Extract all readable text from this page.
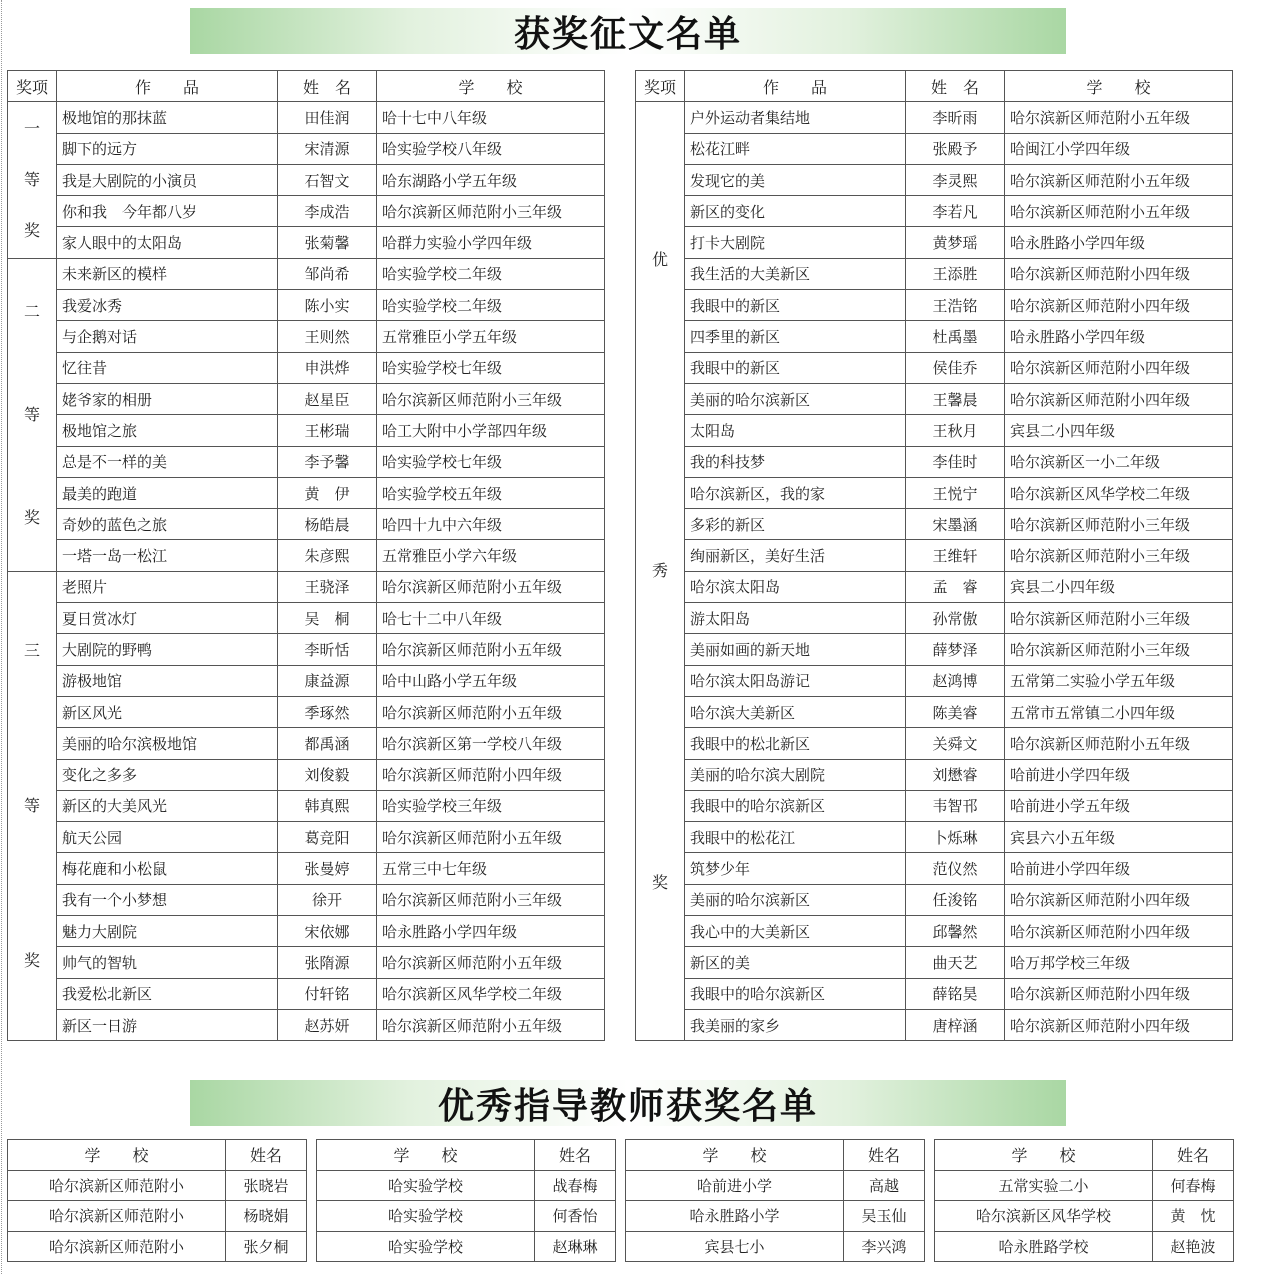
获奖征文名单
奖项	作　　品	姓　名	学　　校

一
等
奖	极地馆的那抹蓝	田佳润	哈十七中八年级
	脚下的远方	宋清源	哈实验学校八年级
	我是大剧院的小演员	石智文	哈东湖路小学五年级
	你和我　今年都八岁	李成浩	哈尔滨新区师范附小三年级
	家人眼中的太阳岛	张菊馨	哈群力实验小学四年级

二
等
奖	未来新区的模样	邹尚希	哈实验学校二年级
	我爱冰秀	陈小实	哈实验学校二年级
	与企鹅对话	王则然	五常雅臣小学五年级
	忆往昔	申洪烨	哈实验学校七年级
	姥爷家的相册	赵星臣	哈尔滨新区师范附小三年级
	极地馆之旅	王彬瑞	哈工大附中小学部四年级
	总是不一样的美	李予馨	哈实验学校七年级
	最美的跑道	黄　伊	哈实验学校五年级
	奇妙的蓝色之旅	杨皓晨	哈四十九中六年级
	一塔一岛一松江	朱彦熙	五常雅臣小学六年级

三
等
奖	老照片	王骁泽	哈尔滨新区师范附小五年级
	夏日赏冰灯	吴　桐	哈七十二中八年级
	大剧院的野鸭	李昕恬	哈尔滨新区师范附小五年级
	游极地馆	康益源	哈中山路小学五年级
	新区风光	季琢然	哈尔滨新区师范附小五年级
	美丽的哈尔滨极地馆	都禹涵	哈尔滨新区第一学校八年级
	变化之多多	刘俊毅	哈尔滨新区师范附小四年级
	新区的大美风光	韩真熙	哈实验学校三年级
	航天公园	葛竞阳	哈尔滨新区师范附小五年级
	梅花鹿和小松鼠	张曼婷	五常三中七年级
	我有一个小梦想	徐开	哈尔滨新区师范附小三年级
	魅力大剧院	宋依娜	哈永胜路小学四年级
	帅气的智轨	张隋源	哈尔滨新区师范附小五年级
	我爱松北新区	付轩铭	哈尔滨新区风华学校二年级
	新区一日游	赵苏妍	哈尔滨新区师范附小五年级
奖项	作　　品	姓　名	学　　校

优
秀
奖	户外运动者集结地	李昕雨	哈尔滨新区师范附小五年级
	松花江畔	张殿予	哈闽江小学四年级
	发现它的美	李灵熙	哈尔滨新区师范附小五年级
	新区的变化	李若凡	哈尔滨新区师范附小五年级
	打卡大剧院	黄梦瑶	哈永胜路小学四年级
	我生活的大美新区	王添胜	哈尔滨新区师范附小四年级
	我眼中的新区	王浩铭	哈尔滨新区师范附小四年级
	四季里的新区	杜禹墨	哈永胜路小学四年级
	我眼中的新区	侯佳乔	哈尔滨新区师范附小四年级
	美丽的哈尔滨新区	王馨晨	哈尔滨新区师范附小四年级
	太阳岛	王秋月	宾县二小四年级
	我的科技梦	李佳时	哈尔滨新区一小二年级
	哈尔滨新区，我的家	王悦宁	哈尔滨新区风华学校二年级
	多彩的新区	宋墨涵	哈尔滨新区师范附小三年级
	绚丽新区，美好生活	王维轩	哈尔滨新区师范附小三年级
	哈尔滨太阳岛	孟　睿	宾县二小四年级
	游太阳岛	孙常傲	哈尔滨新区师范附小三年级
	美丽如画的新天地	薛梦泽	哈尔滨新区师范附小三年级
	哈尔滨太阳岛游记	赵鸿博	五常第二实验小学五年级
	哈尔滨大美新区	陈美睿	五常市五常镇二小四年级
	我眼中的松北新区	关舜文	哈尔滨新区师范附小五年级
	美丽的哈尔滨大剧院	刘懋睿	哈前进小学四年级
	我眼中的哈尔滨新区	韦智邗	哈前进小学五年级
	我眼中的松花江	卜烁琳	宾县六小五年级
	筑梦少年	范仪然	哈前进小学四年级
	美丽的哈尔滨新区	任浚铭	哈尔滨新区师范附小四年级
	我心中的大美新区	邱馨然	哈尔滨新区师范附小四年级
	新区的美	曲天艺	哈万邦学校三年级
	我眼中的哈尔滨新区	薛铭昊	哈尔滨新区师范附小四年级
	我美丽的家乡	唐梓涵	哈尔滨新区师范附小四年级
优秀指导教师获奖名单
学　　校	姓名
哈尔滨新区师范附小	张晓岩
哈尔滨新区师范附小	杨晓娟
哈尔滨新区师范附小	张夕桐
学　　校	姓名
哈实验学校	战春梅
哈实验学校	何香怡
哈实验学校	赵琳琳
学　　校	姓名
哈前进小学	高越
哈永胜路小学	吴玉仙
宾县七小	李兴鸿
学　　校	姓名
五常实验二小	何春梅
哈尔滨新区风华学校	黄　忱
哈永胜路学校	赵艳波
